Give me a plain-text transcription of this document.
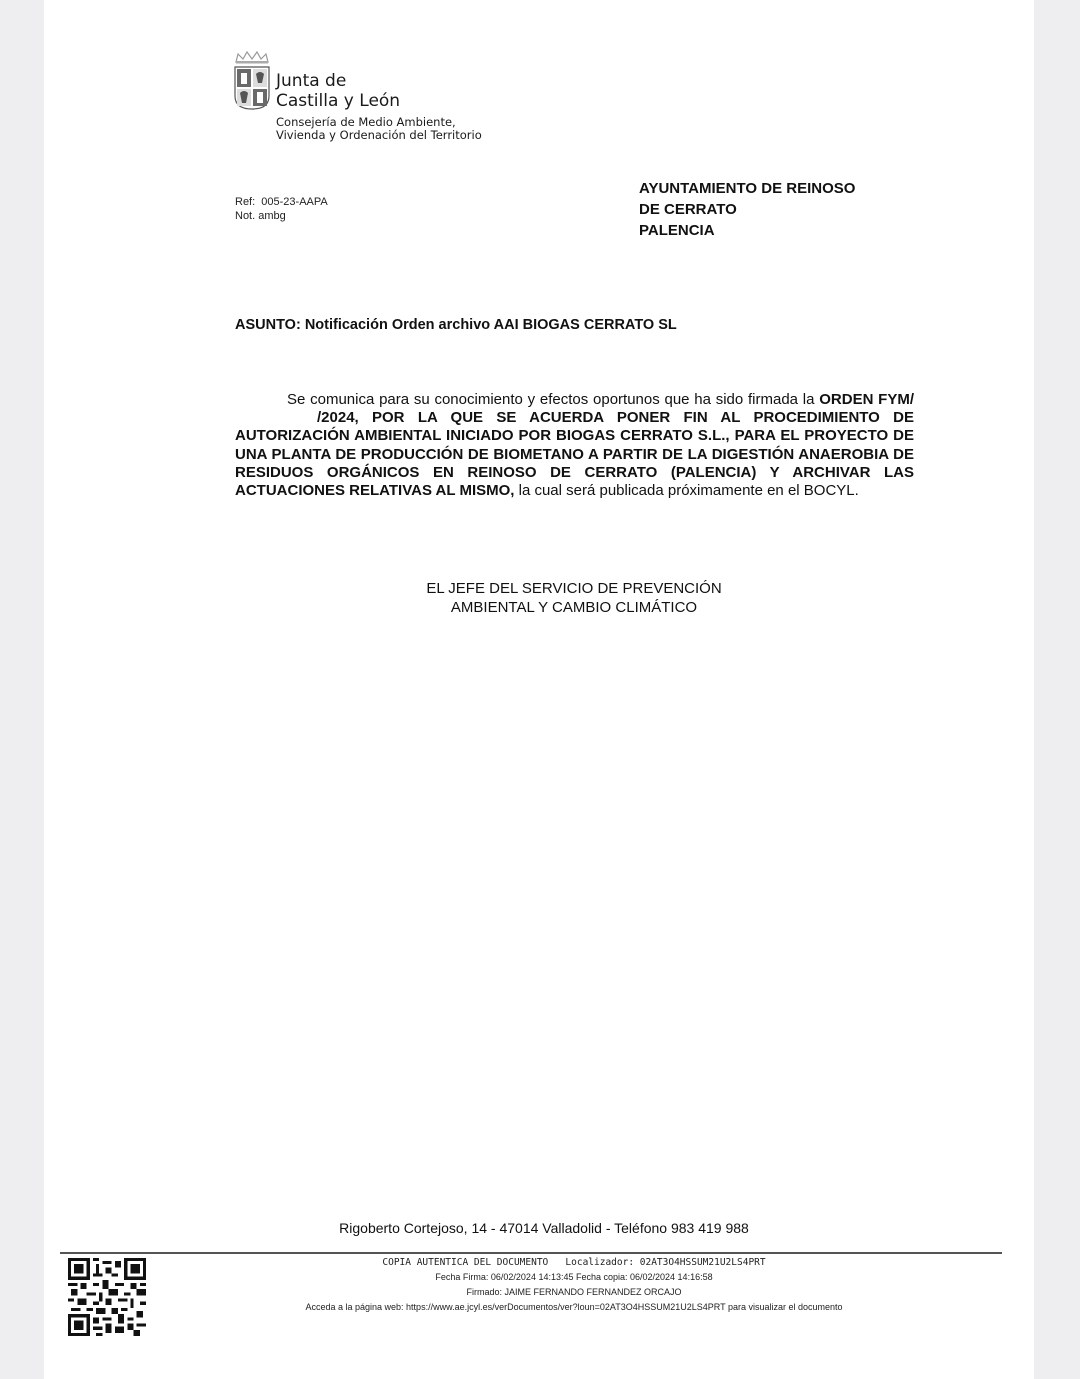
Junta de
Castilla y León
Consejería de Medio Ambiente,
Vivienda y Ordenación del Territorio
Ref:  005-23-AAPA
Not. ambg
AYUNTAMIENTO DE REINOSO
DE CERRATO
PALENCIA
ASUNTO: Notificación Orden archivo AAI BIOGAS CERRATO SL
Se comunica para su conocimiento y efectos oportunos que ha sido firmada la ORDEN FYM//2024, POR LA QUE SE ACUERDA PONER FIN AL PROCEDIMIENTO DE AUTORIZACIÓN AMBIENTAL INICIADO POR BIOGAS CERRATO S.L., PARA EL PROYECTO DE UNA PLANTA DE PRODUCCIÓN DE BIOMETANO A PARTIR DE LA DIGESTIÓN ANAEROBIA DE RESIDUOS ORGÁNICOS EN REINOSO DE CERRATO (PALENCIA) Y ARCHIVAR LAS ACTUACIONES RELATIVAS AL MISMO, la cual será publicada próximamente en el BOCYL.
EL JEFE DEL SERVICIO DE PREVENCIÓN
AMBIENTAL Y CAMBIO CLIMÁTICO
Rigoberto Cortejoso, 14 - 47014 Valladolid - Teléfono 983 419 988
COPIA AUTENTICA DEL DOCUMENTO   Localizador: 02AT3O4HSSUM21U2LS4PRT
Fecha Firma: 06/02/2024 14:13:45 Fecha copia: 06/02/2024 14:16:58
Firmado: JAIME FERNANDO FERNANDEZ ORCAJO
Acceda a la página web: https://www.ae.jcyl.es/verDocumentos/ver?loun=02AT3O4HSSUM21U2LS4PRT para visualizar el documento
